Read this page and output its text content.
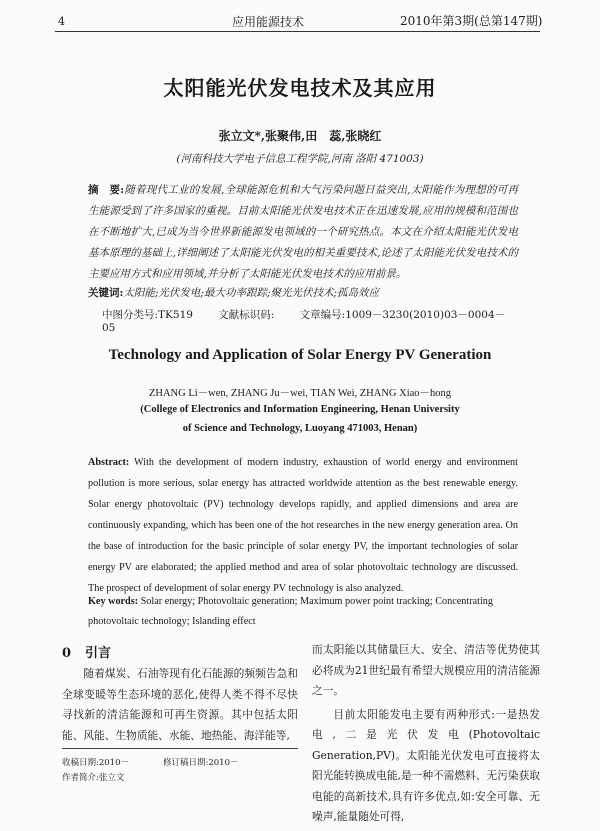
4	应用能源技术	2010年第3期(总第147期)
太阳能光伏发电技术及其应用
张立文*,张聚伟,田　蕊,张晓红
(河南科技大学电子信息工程学院,河南 洛阳 471003)
摘　要:随着现代工业的发展,全球能源危机和大气污染问题日益突出,太阳能作为理想的可再生能源受到了许多国家的重视。目前太阳能光伏发电技术正在迅速发展,应用的规模和范围也在不断地扩大,已成为当今世界新能源发电领域的一个研究热点。本文在介绍太阳能光伏发电基本原理的基础上,详细阐述了太阳能光伏发电的相关重要技术,论述了太阳能光伏发电技术的主要应用方式和应用领域,并分析了太阳能光伏发电技术的应用前景。
关键词:太阳能;光伏发电;最大功率跟踪;聚光光伏技术;孤岛效应
中图分类号:TK519 文献标识码: 文章编号:1009－3230(2010)03－0004－05
Technology and Application of Solar Energy PV Generation
ZHANG Li－wen, ZHANG Ju－wei, TIAN Wei, ZHANG Xiao－hong
(College of Electronics and Information Engineering, Henan University
of Science and Technology, Luoyang 471003, Henan)
Abstract: With the development of modern industry, exhaustion of world energy and environment pollution is more serious, solar energy has attracted worldwide attention as the best renewable energy. Solar energy photovoltaic (PV) technology develops rapidly, and applied dimensions and area are continuously expanding, which has been one of the hot researches in the new energy generation area. On the base of introduction for the basic principle of solar energy PV, the important technologies of solar energy PV are elaborated; the applied method and area of solar photovoltaic technology are discussed. The prospect of development of solar energy PV technology is also analyzed.
Key words: Solar energy; Photovoltaic generation; Maximum power point tracking; Concentrating photovoltaic technology; Islanding effect
0 引言
随着煤炭、石油等现有化石能源的频频告急和全球变暖等生态环境的恶化,使得人类不得不尽快寻找新的清洁能源和可再生资源。其中包括太阳能、风能、生物质能、水能、地热能、海洋能等,

而太阳能以其储量巨大、安全、清洁等优势使其必将成为21世纪最有希望大规模应用的清洁能源之一。

目前太阳能发电主要有两种形式:一是热发电,二是光伏发电(Photovoltaic Generation,PV)。太阳能光伏发电可直接将太阳光能转换成电能,是一种不需燃料、无污染获取电能的高新技术,具有许多优点,如:安全可靠、无噪声,能量随处可得,

收稿日期:2010－	修订稿日期:2010－
作者简介:张立文
